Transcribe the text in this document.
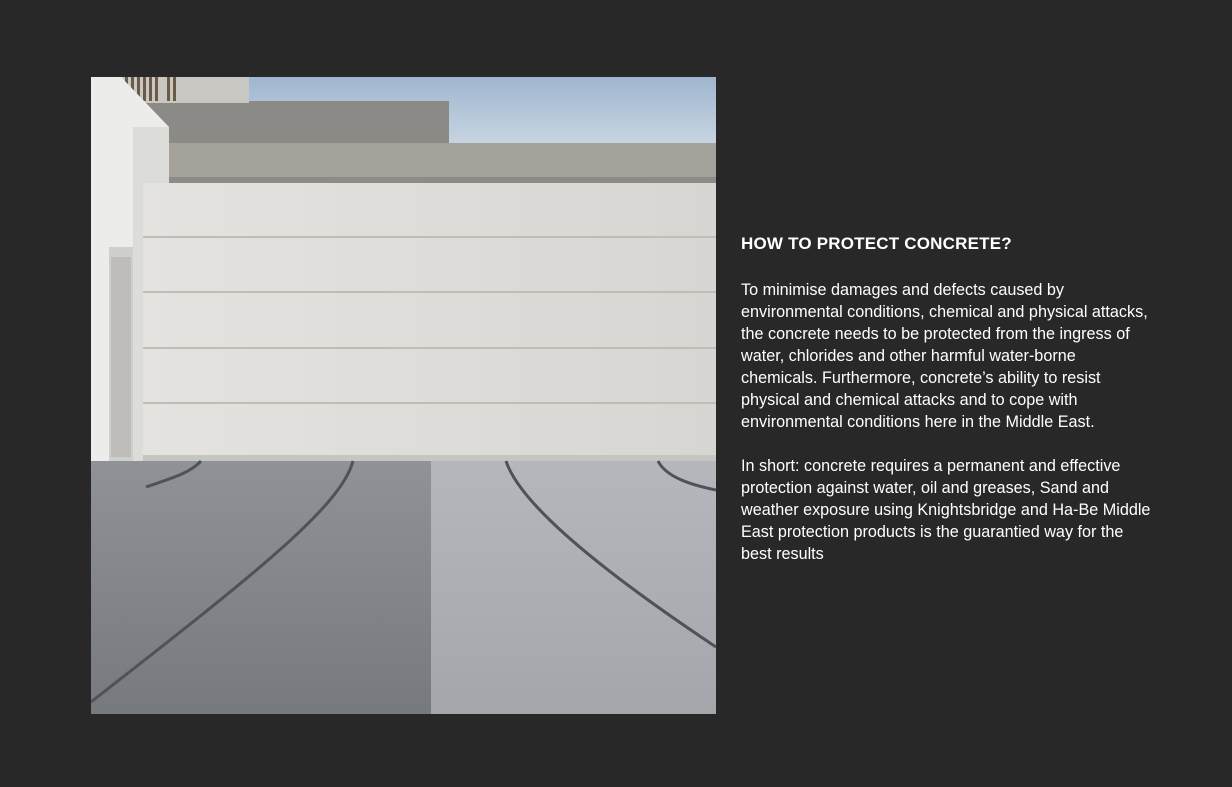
HOW TO PROTECT CONCRETE?

To minimise damages and defects caused by environmental conditions, chemical and physical attacks, the concrete needs to be protected from the ingress of water, chlorides and other harmful water-borne chemicals. Furthermore, concrete’s ability to resist physical and chemical attacks and to cope with environmental conditions here in the Middle East.

In short: concrete requires a permanent and effective protection against water, oil and greases, Sand and weather exposure using Knightsbridge and Ha-Be Middle East protection products is the guarantied way for the best results
